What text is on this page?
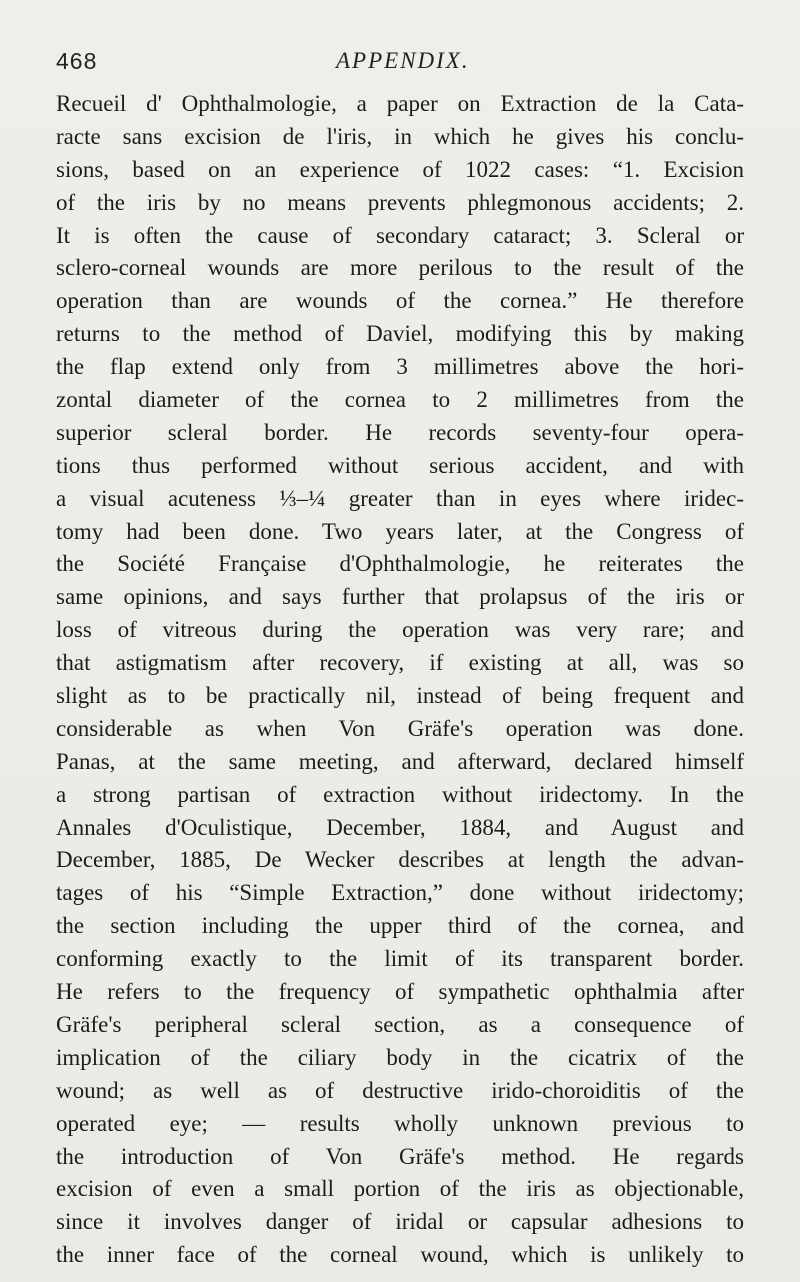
468	APPENDIX.
Recueil d' Ophthalmologie, a paper on Extraction de la Cata-
racte sans excision de l'iris, in which he gives his conclu-
sions, based on an experience of 1022 cases: “1. Excision
of the iris by no means prevents phlegmonous accidents; 2.
It is often the cause of secondary cataract; 3. Scleral or
sclero-corneal wounds are more perilous to the result of the
operation than are wounds of the cornea.” He therefore
returns to the method of Daviel, modifying this by making
the flap extend only from 3 millimetres above the hori-
zontal diameter of the cornea to 2 millimetres from the
superior scleral border. He records seventy-four opera-
tions thus performed without serious accident, and with
a visual acuteness ⅓–¼ greater than in eyes where iridec-
tomy had been done. Two years later, at the Congress of
the Société Française d'Ophthalmologie, he reiterates the
same opinions, and says further that prolapsus of the iris or
loss of vitreous during the operation was very rare; and
that astigmatism after recovery, if existing at all, was so
slight as to be practically nil, instead of being frequent and
considerable as when Von Gräfe's operation was done.
Panas, at the same meeting, and afterward, declared himself
a strong partisan of extraction without iridectomy. In the
Annales d'Oculistique, December, 1884, and August and
December, 1885, De Wecker describes at length the advan-
tages of his “Simple Extraction,” done without iridectomy;
the section including the upper third of the cornea, and
conforming exactly to the limit of its transparent border.
He refers to the frequency of sympathetic ophthalmia after
Gräfe's peripheral scleral section, as a consequence of
implication of the ciliary body in the cicatrix of the
wound; as well as of destructive irido-choroiditis of the
operated eye; — results wholly unknown previous to
the introduction of Von Gräfe's method. He regards
excision of even a small portion of the iris as objectionable,
since it involves danger of iridal or capsular adhesions to
the inner face of the corneal wound, which is unlikely to
